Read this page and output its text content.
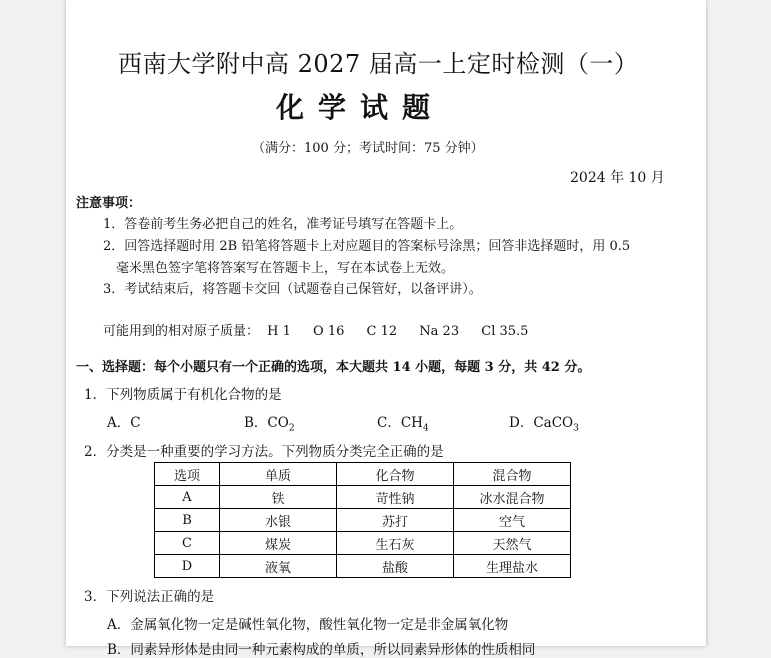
西南大学附中高 2027 届高一上定时检测（一）
化学试题
（满分：100 分；考试时间：75 分钟）
2024 年 10 月
注意事项：
1．答卷前考生务必把自己的姓名，准考证号填写在答题卡上。
2．回答选择题时用 2B 铅笔将答题卡上对应题目的答案标号涂黑；回答非选择题时，用 0.5
毫米黑色签字笔将答案写在答题卡上，写在本试卷上无效。
3．考试结束后，将答题卡交回（试题卷自己保管好，以备评讲）。
可能用到的相对原子质量： H 1 O 16 C 12 Na 23 Cl 35.5
一、选择题：每个小题只有一个正确的选项，本大题共 14 小题，每题 3 分，共 42 分。
1．下列物质属于有机化合物的是
A．C	B．$CO_2$	C．$CH_4$	D．CaCO$_3$
2．分类是一种重要的学习方法。下列物质分类完全正确的是
选项	单质	化合物	混合物
A	铁	苛性钠	冰水混合物
B	水银	苏打	空气
C	煤炭	生石灰	天然气
D	液氧	盐酸	生理盐水
3．下列说法正确的是
A．金属氧化物一定是碱性氧化物，酸性氧化物一定是非金属氧化物
B．同素异形体是由同一种元素构成的单质，所以同素异形体的性质相同
